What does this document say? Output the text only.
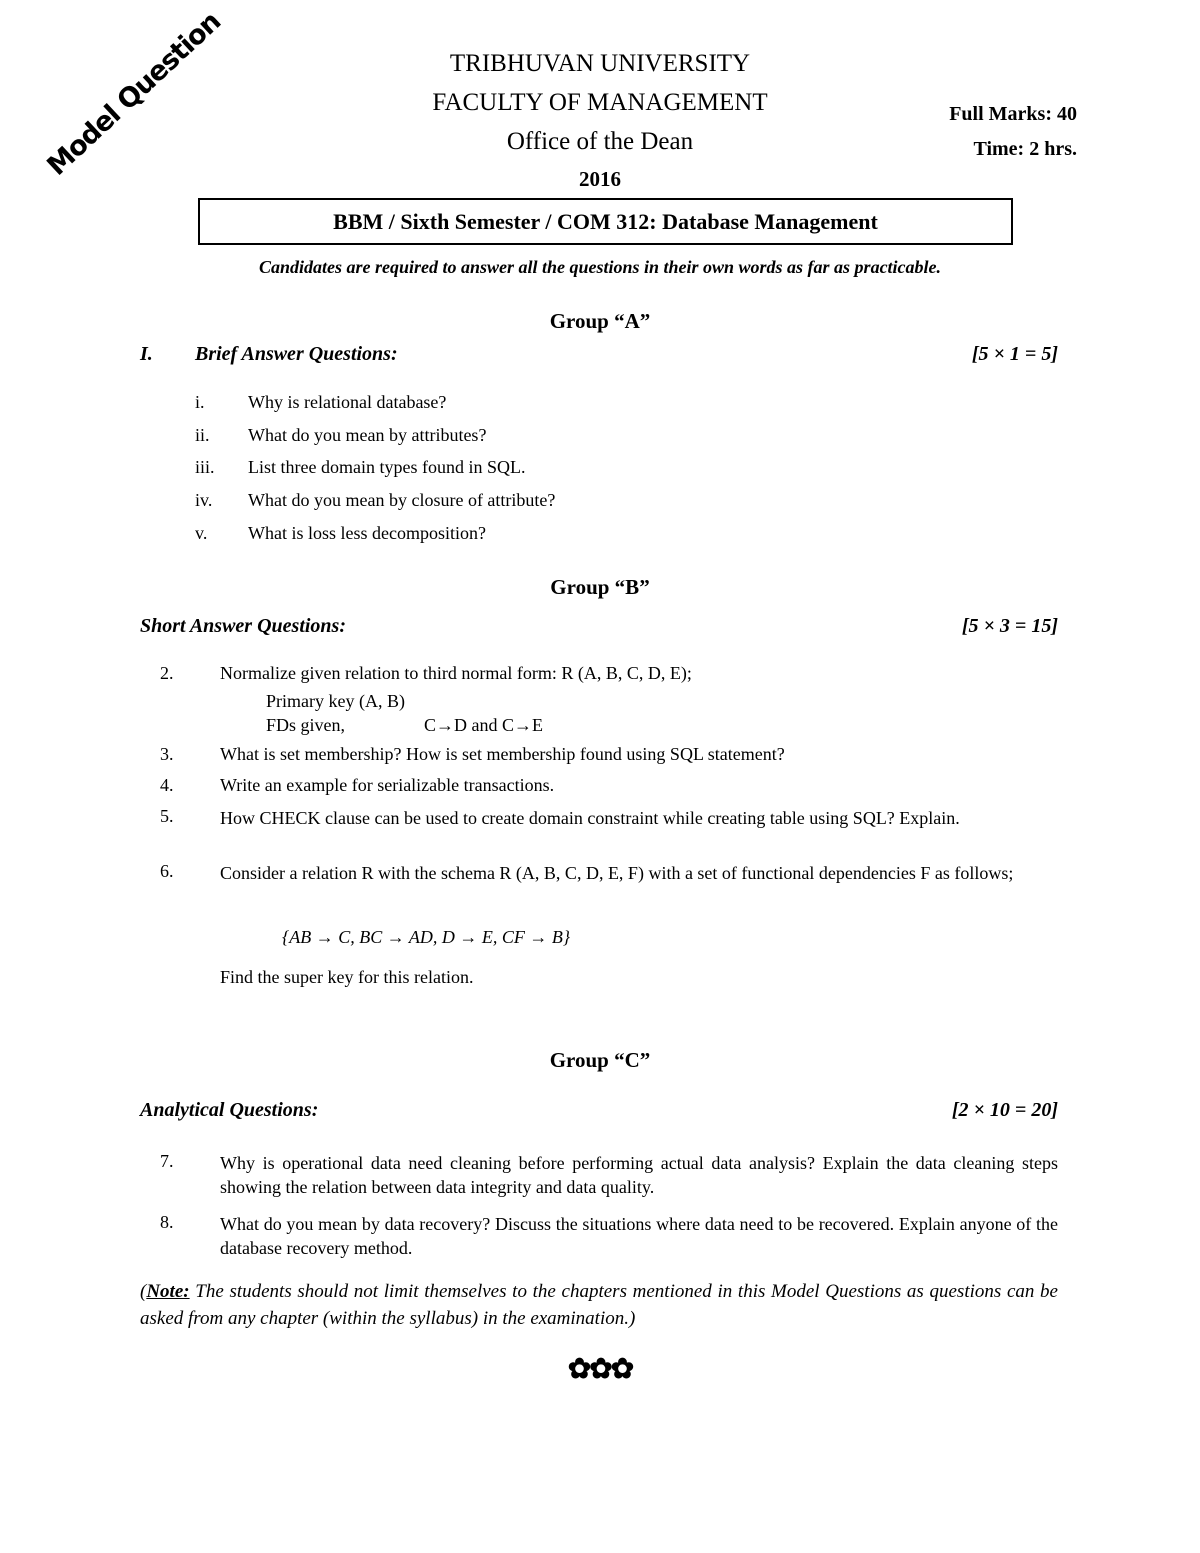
TRIBHUVAN UNIVERSITY
FACULTY OF MANAGEMENT
Office of the Dean
2016
Full Marks: 40
Time: 2 hrs.
Model Question
BBM / Sixth Semester / COM 312: Database Management
Candidates are required to answer all the questions in their own words as far as practicable.
Group “A”
I. Brief Answer Questions:	[5 × 1 = 5]
i. Why is relational database?
ii. What do you mean by attributes?
iii. List three domain types found in SQL.
iv. What do you mean by closure of attribute?
v. What is loss less decomposition?
Group “B”
Short Answer Questions:	[5 × 3 = 15]
2.	Normalize given relation to third normal form: R (A, B, C, D, E);
Primary key (A, B)
FDs given,	C→D and C→E
3.	What is set membership? How is set membership found using SQL statement?
4.	Write an example for serializable transactions.
5.	How CHECK clause can be used to create domain constraint while creating table using SQL? Explain.
6.	Consider a relation R with the schema R (A, B, C, D, E, F) with a set of functional dependencies F as follows;
{AB → C, BC → AD, D → E, CF → B}
Find the super key for this relation.
Group “C”
Analytical Questions:	[2 × 10 = 20]
7.	Why is operational data need cleaning before performing actual data analysis? Explain the data cleaning steps showing the relation between data integrity and data quality.
8.	What do you mean by data recovery? Discuss the situations where data need to be recovered. Explain anyone of the database recovery method.
(Note: The students should not limit themselves to the chapters mentioned in this Model Questions as questions can be asked from any chapter (within the syllabus) in the examination.)
✿✿✿
